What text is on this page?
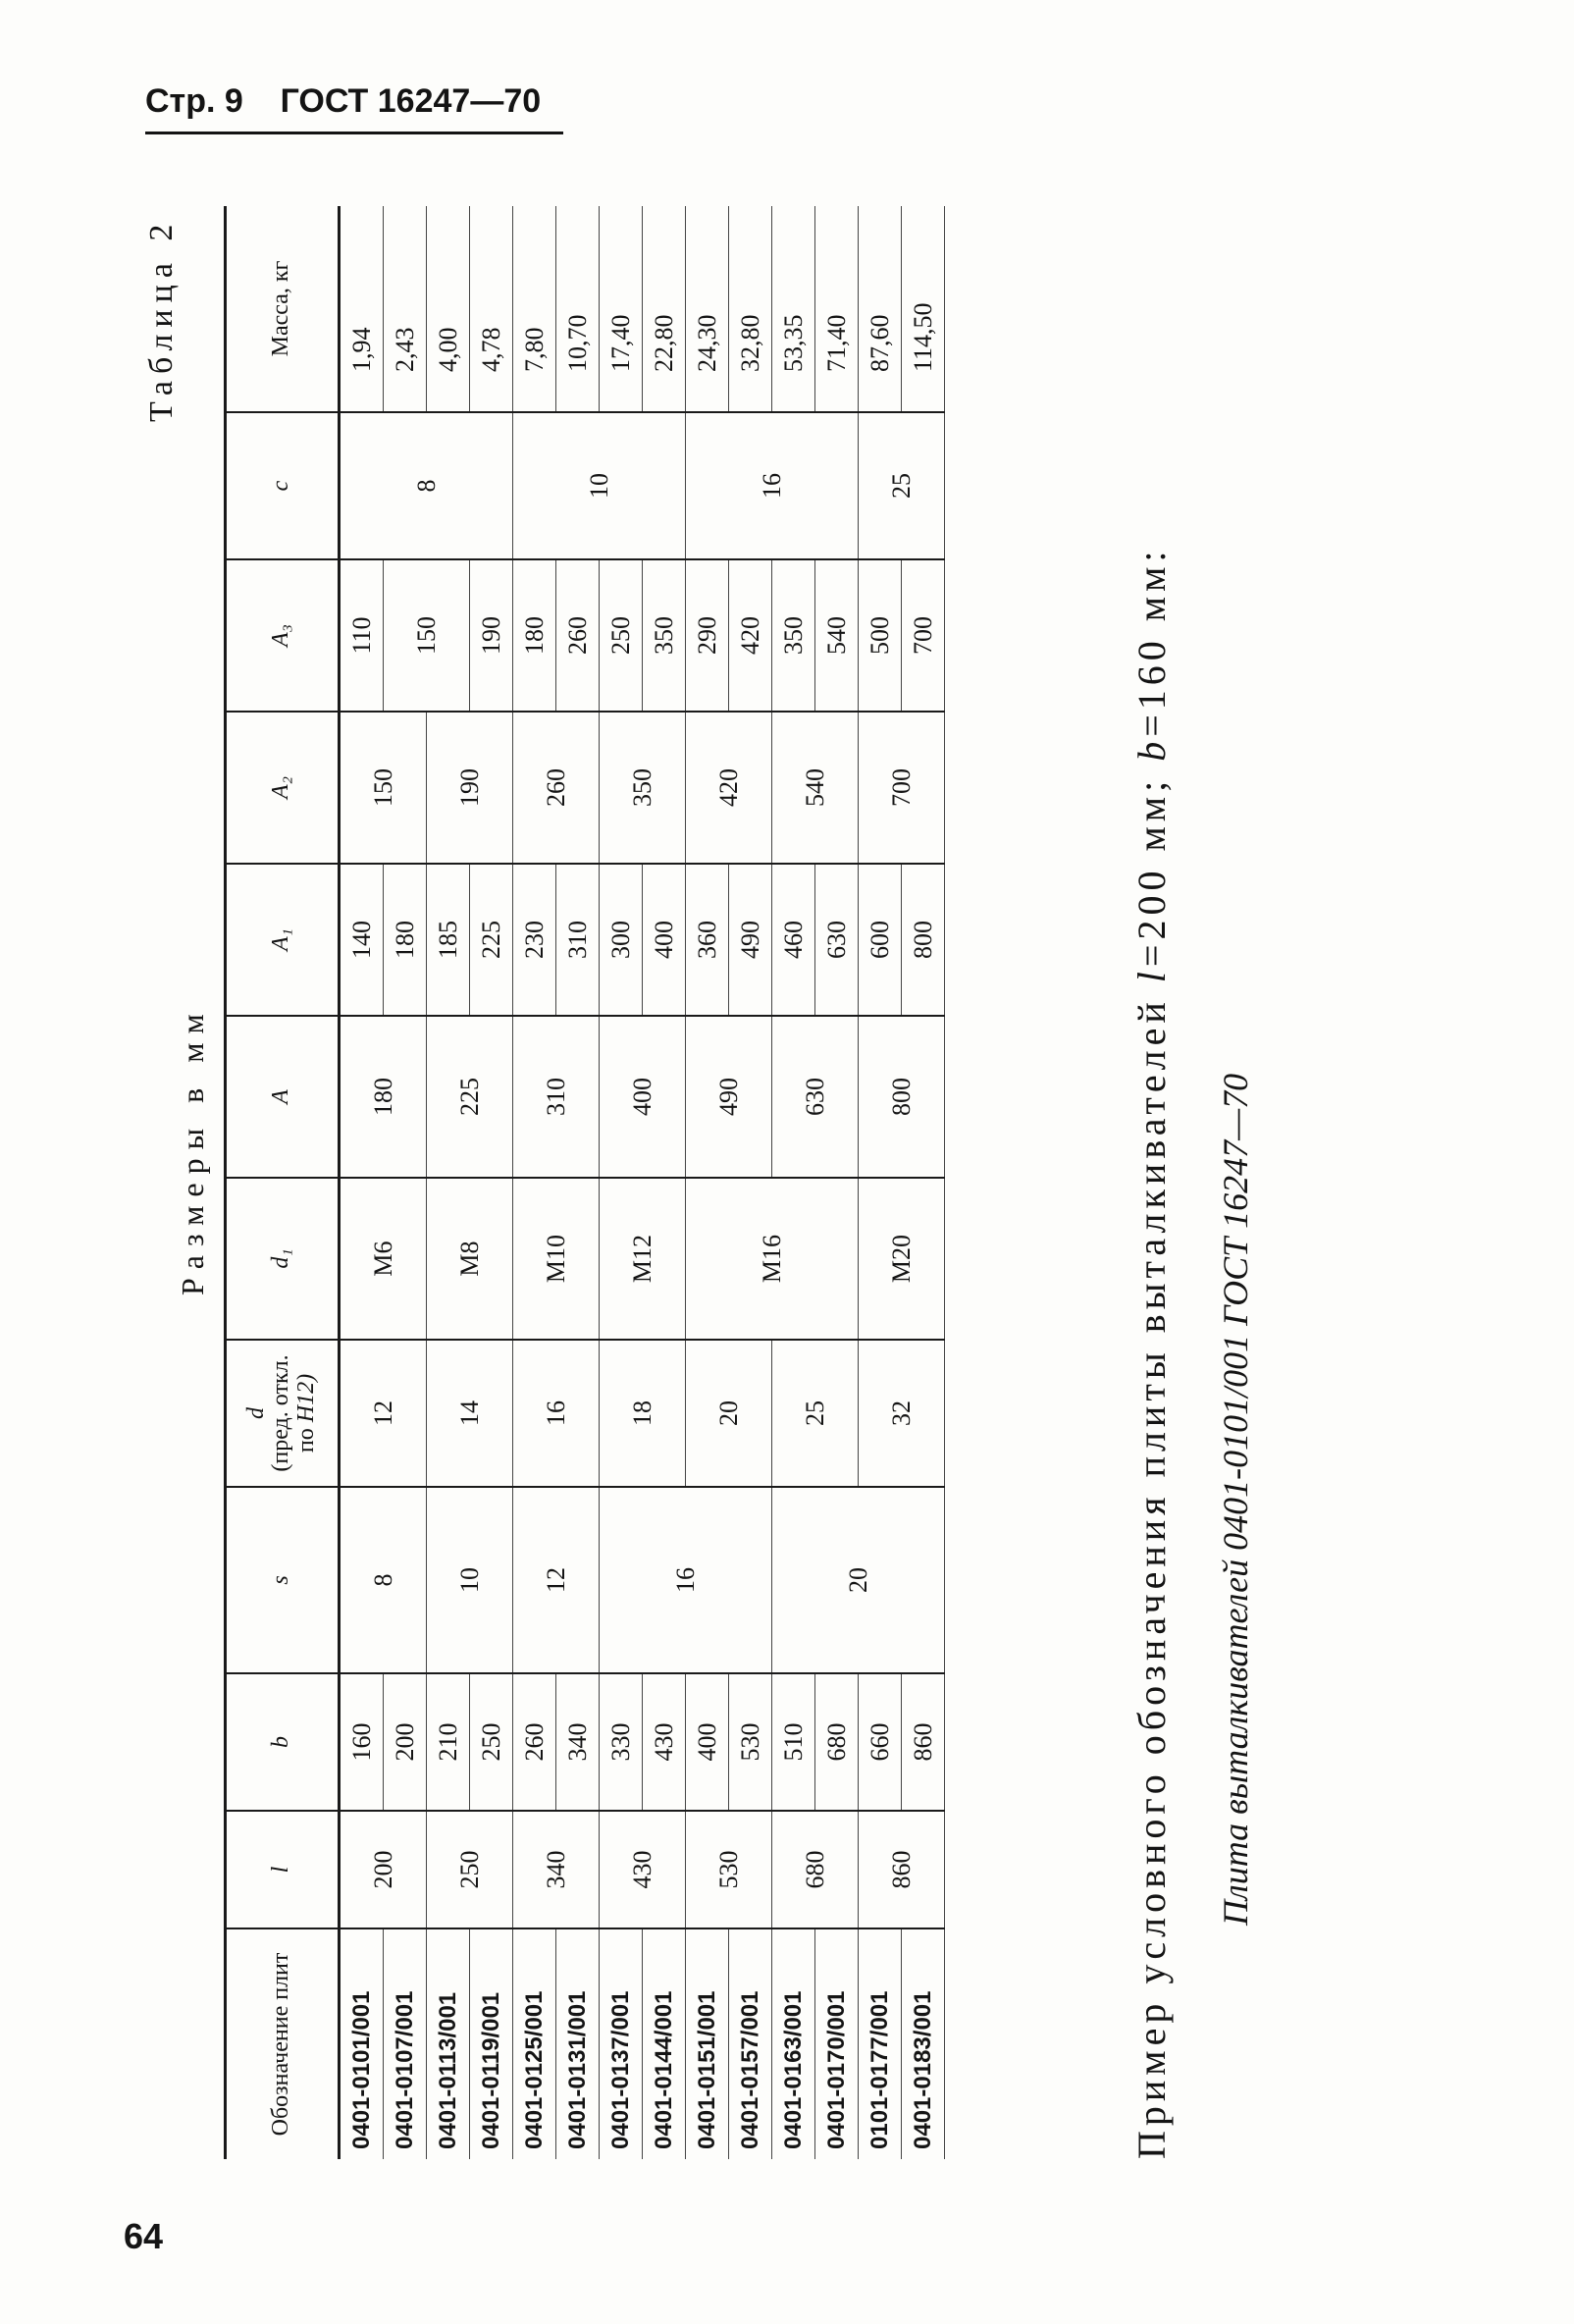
Стр. 9 ГОСТ 16247—70
64
Таблица 2
Размеры в мм
Обозначение плит	l	b	s	d
(пред. откл. по H12)	d₁	A	A₁	A₂	A₃	c	Масса, кг
0401-0101/001	200	160	8	12	M6	180	140	150	110	8	1,94
0401-0107/001		200					180		150		2,43
0401-0113/001	250	210	10	14	M8	225	185	190			4,00
0401-0119/001		250					225		190		4,78
0401-0125/001	340	260	12	16	M10	310	230	260	180	10	7,80
0401-0131/001		340					310		260		10,70
0401-0137/001	430	330	16	18	M12	400	300	350	250		17,40
0401-0144/001		430					400		350		22,80
0401-0151/001	530	400		20	M16	490	360	420	290	16	24,30
0401-0157/001		530					490		420		32,80
0401-0163/001	680	510	20	25		630	460	540	350		53,35
0401-0170/001		680					630		540		71,40
0101-0177/001	860	660		32	M20	800	600	700	500	25	87,60
0401-0183/001		860					800		700		114,50
Пример условного обозначения плиты выталкивателей l=200 мм; b=160 мм:
Плита выталкивателей 0401-0101/001 ГОСТ 16247—70
